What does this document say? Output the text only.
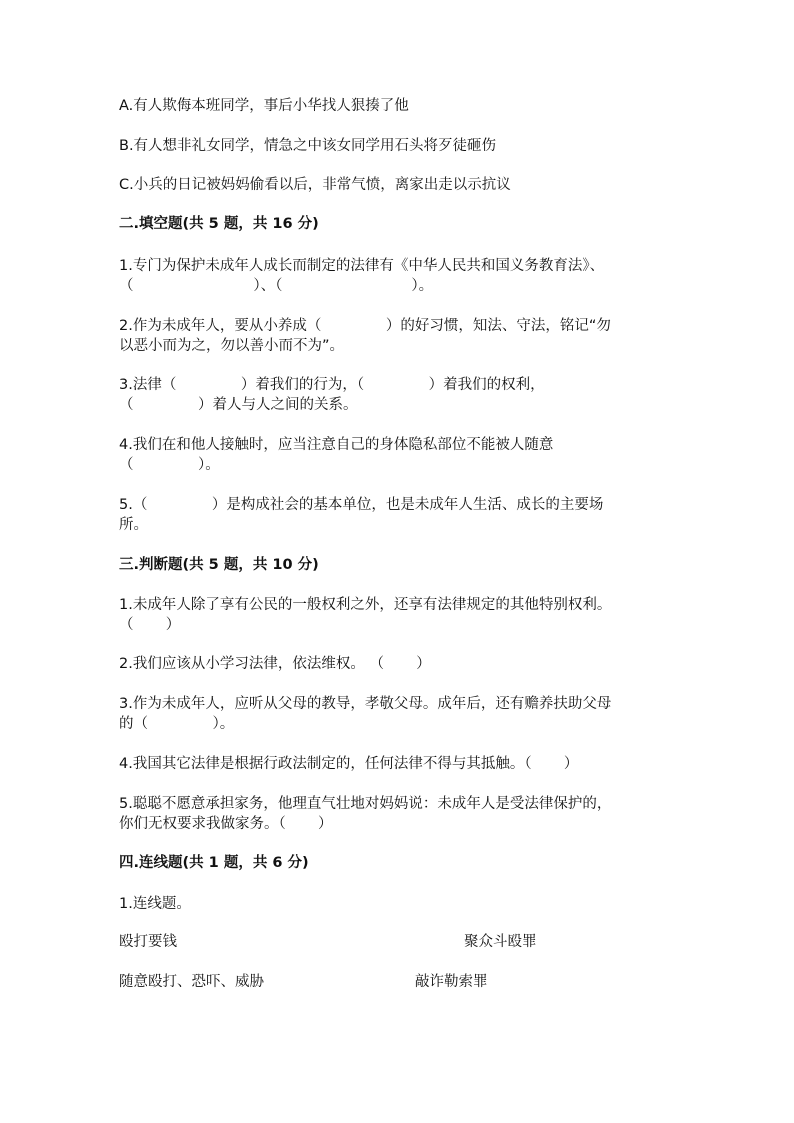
A.有人欺侮本班同学，事后小华找人狠揍了他
B.有人想非礼女同学，情急之中该女同学用石头将歹徒砸伤
C.小兵的日记被妈妈偷看以后，非常气愤，离家出走以示抗议
二.填空题(共 5 题，共 16 分)
1.专门为保护未成年人成长而制定的法律有《中华人民共和国义务教育法》、
（                          ）、（                            ）。
2.作为未成年人，要从小养成（              ）的好习惯，知法、守法，铭记“勿
以恶小而为之，勿以善小而不为”。
3.法律（              ）着我们的行为，（              ）着我们的权利，
（              ）着人与人之间的关系。
4.我们在和他人接触时，应当注意自己的身体隐私部位不能被人随意
（              ）。
5.（              ）是构成社会的基本单位，也是未成年人生活、成长的主要场
所。
三.判断题(共 5 题，共 10 分)
1.未成年人除了享有公民的一般权利之外，还享有法律规定的其他特别权利。
（       ）
2.我们应该从小学习法律，依法维权。 （       ）
3.作为未成年人，应听从父母的教导，孝敬父母。成年后，还有赡养扶助父母
的（              ）。
4.我国其它法律是根据行政法制定的，任何法律不得与其抵触。（       ）
5.聪聪不愿意承担家务，他理直气壮地对妈妈说：未成年人是受法律保护的，
你们无权要求我做家务。（       ）
四.连线题(共 1 题，共 6 分)
1.连线题。
殴打要钱	聚众斗殴罪
随意殴打、恐吓、威胁	敲诈勒索罪
